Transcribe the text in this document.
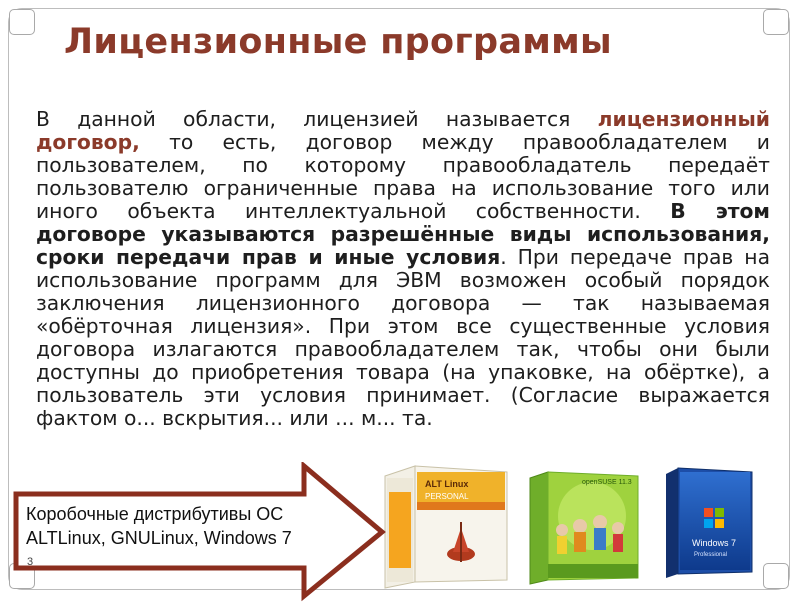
Лицензионные программы

В данной области, лицензией называется лицензионный договор, то есть, договор между правообладателем и пользователем, по которому правообладатель передаёт пользователю ограниченные права на использование того или иного объекта интеллектуальной собственности. В этом договоре указываются разрешённые виды использования, сроки передачи прав и иные условия. При передаче прав на использование программ для ЭВМ возможен особый порядок заключения лицензионного договора — так называемая «обёрточная лицензия». При этом все существенные условия договора излагаются правообладателем так, чтобы они были доступны до приобретения товара (на упаковке, на обёртке), а пользователь эти условия принимает. (Согласие выражается фактом о... вскрытия... или ... м... та.

ALT Linux
PERSONAL
openSUSE 11.3
Windows 7
Professional
Коробочные дистрибутивы ОС
ALTLinux, GNULinux, Windows 7
3
